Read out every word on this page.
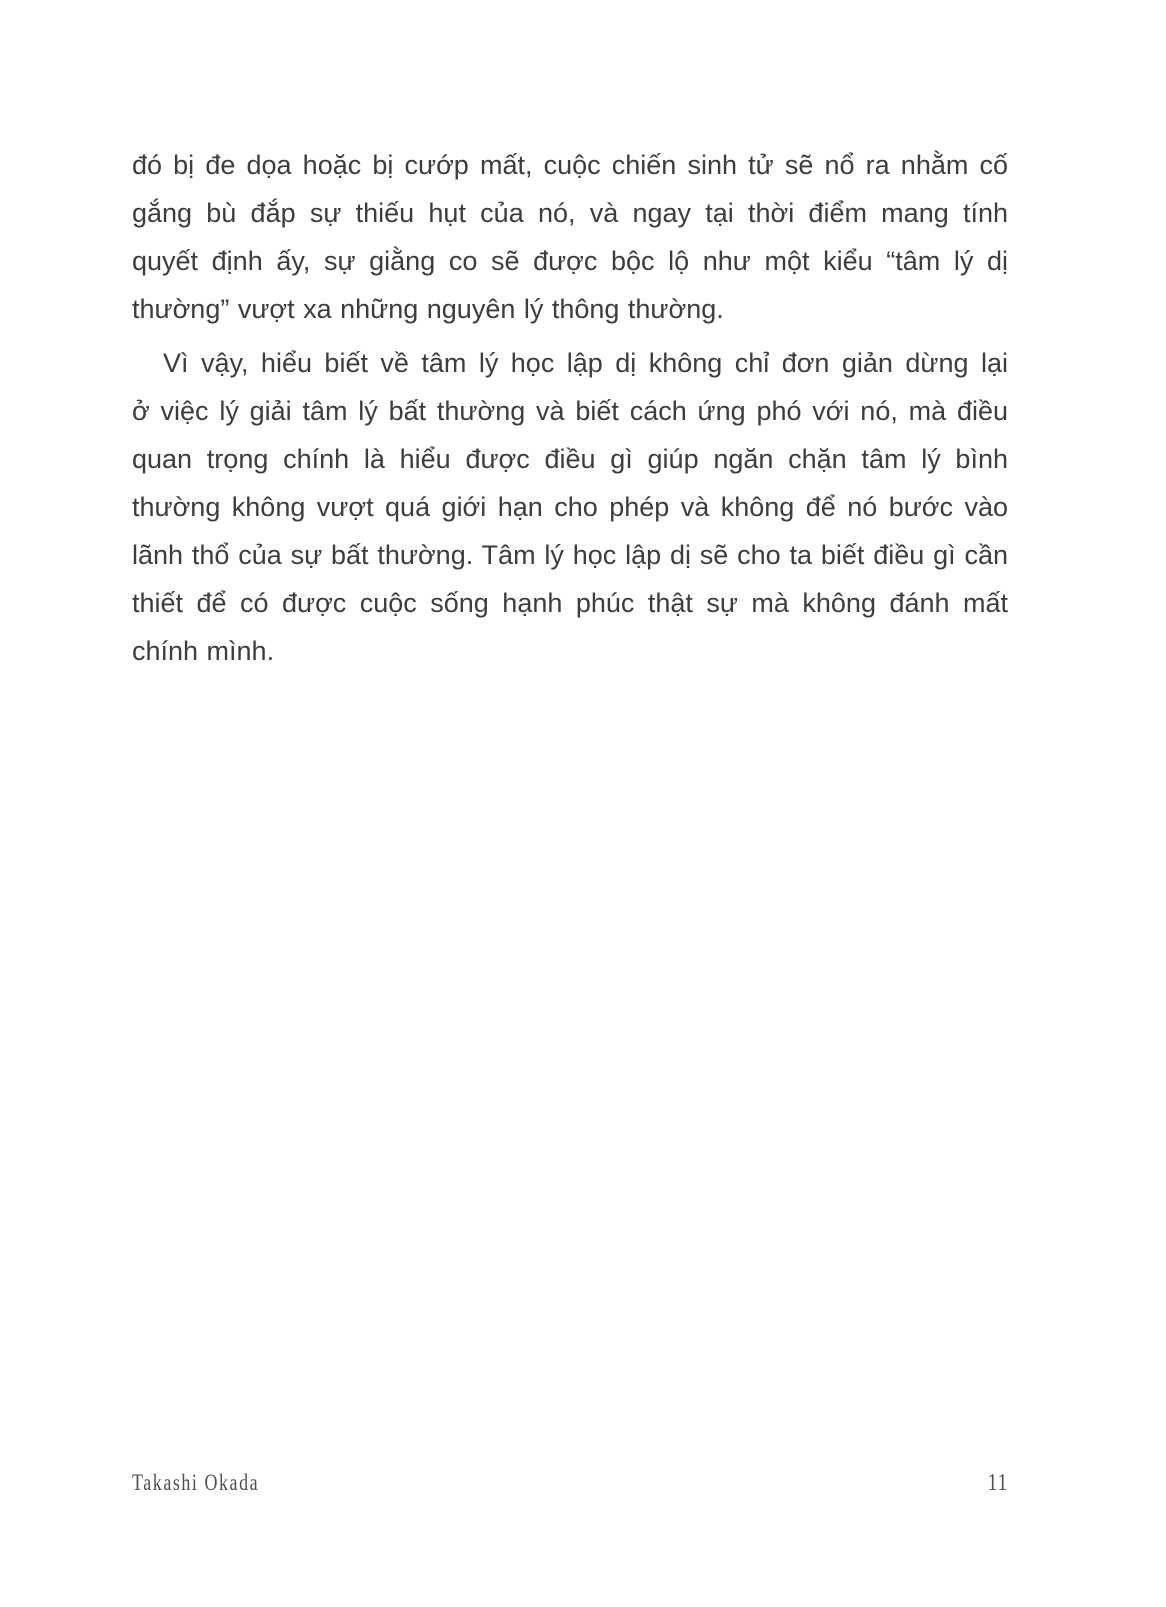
đó bị đe dọa hoặc bị cướp mất, cuộc chiến sinh tử sẽ nổ ra nhằm cố
gắng bù đắp sự thiếu hụt của nó, và ngay tại thời điểm mang tính
quyết định ấy, sự giằng co sẽ được bộc lộ như một kiểu “tâm lý dị
thường” vượt xa những nguyên lý thông thường.
Vì vậy, hiểu biết về tâm lý học lập dị không chỉ đơn giản dừng lại
ở việc lý giải tâm lý bất thường và biết cách ứng phó với nó, mà điều
quan trọng chính là hiểu được điều gì giúp ngăn chặn tâm lý bình
thường không vượt quá giới hạn cho phép và không để nó bước vào
lãnh thổ của sự bất thường. Tâm lý học lập dị sẽ cho ta biết điều gì cần
thiết để có được cuộc sống hạnh phúc thật sự mà không đánh mất
chính mình.
Takashi Okada	11
